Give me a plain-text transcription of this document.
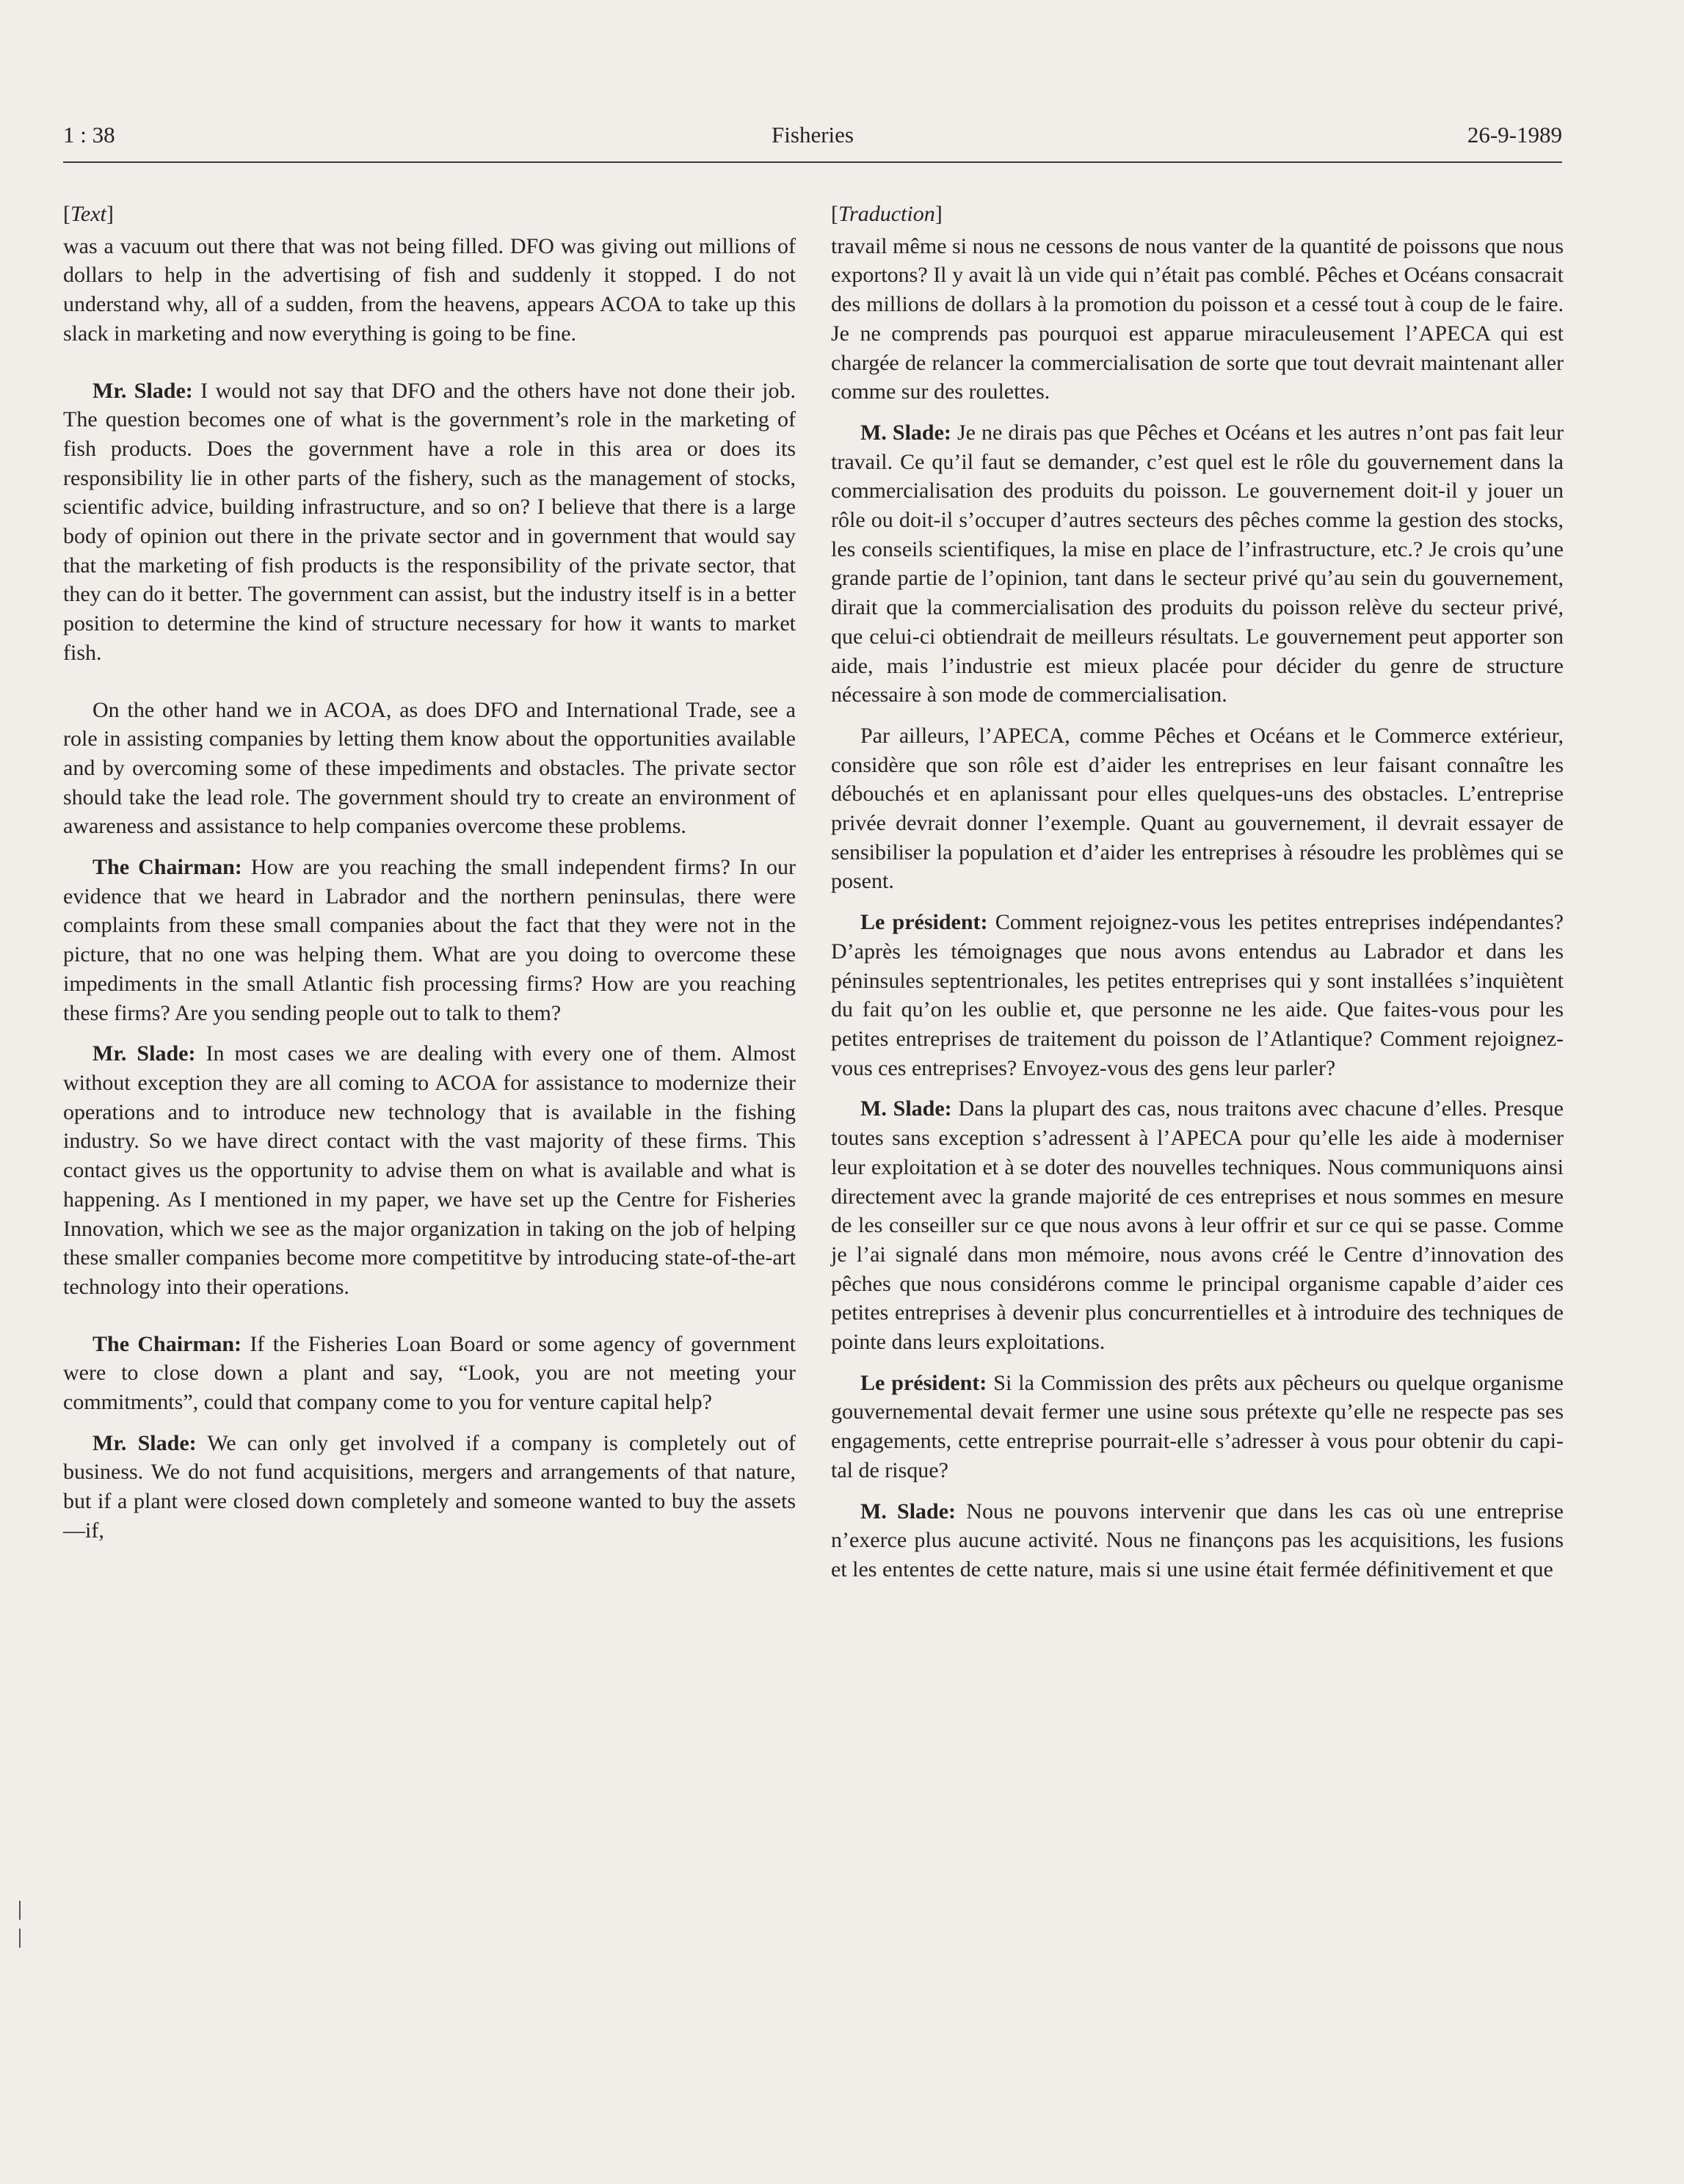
1 : 38	Fisheries	26-9-1989
[Text]

was a vacuum out there that was not being filled. DFO was giving out millions of dollars to help in the advertising of fish and suddenly it stopped. I do not understand why, all of a sudden, from the heavens, appears ACOA to take up this slack in marketing and now everything is going to be fine.

Mr. Slade: I would not say that DFO and the others have not done their job. The question becomes one of what is the government’s role in the marketing of fish products. Does the government have a role in this area or does its responsibility lie in other parts of the fishery, such as the management of stocks, scientific advice, building infrastructure, and so on? I believe that there is a large body of opinion out there in the private sector and in government that would say that the marketing of fish products is the responsibility of the private sector, that they can do it better. The government can assist, but the industry itself is in a better position to determine the kind of structure necessary for how it wants to market fish.

On the other hand we in ACOA, as does DFO and International Trade, see a role in assisting companies by letting them know about the opportunities available and by overcoming some of these impediments and obstacles. The private sector should take the lead role. The government should try to create an environment of awareness and assistance to help companies overcome these problems.

The Chairman: How are you reaching the small independent firms? In our evidence that we heard in Labrador and the northern peninsulas, there were complaints from these small companies about the fact that they were not in the picture, that no one was helping them. What are you doing to overcome these impediments in the small Atlantic fish processing firms? How are you reaching these firms? Are you sending people out to talk to them?

Mr. Slade: In most cases we are dealing with every one of them. Almost without exception they are all coming to ACOA for assistance to modernize their operations and to introduce new technology that is available in the fishing industry. So we have direct contact with the vast majority of these firms. This contact gives us the opportunity to advise them on what is available and what is happening. As I mentioned in my paper, we have set up the Centre for Fisheries Innovation, which we see as the major organization in taking on the job of helping these smaller companies become more competititve by introducing state-of-the-art technology into their operations.

The Chairman: If the Fisheries Loan Board or some agency of government were to close down a plant and say, “Look, you are not meeting your commitments”, could that company come to you for venture capital help?

Mr. Slade: We can only get involved if a company is completely out of business. We do not fund acquisitions, mergers and arrangements of that nature, but if a plant were closed down completely and someone wanted to buy the assets—if,

[Traduction]

travail même si nous ne cessons de nous vanter de la quantité de poissons que nous exportons? Il y avait là un vide qui n’était pas comblé. Pêches et Océans consacrait des millions de dollars à la promotion du poisson et a cessé tout à coup de le faire. Je ne comprends pas pourquoi est apparue miraculeusement l’APECA qui est chargée de relancer la commercialisation de sorte que tout devrait maintenant aller comme sur des roulettes.

M. Slade: Je ne dirais pas que Pêches et Océans et les autres n’ont pas fait leur travail. Ce qu’il faut se demander, c’est quel est le rôle du gouvernement dans la commercialisation des produits du poisson. Le gouvernement doit-il y jouer un rôle ou doit-il s’occuper d’autres secteurs des pêches comme la gestion des stocks, les conseils scientifiques, la mise en place de l’infrastructure, etc.? Je crois qu’une grande partie de l’opinion, tant dans le secteur privé qu’au sein du gouvernement, dirait que la commercialisation des produits du poisson relève du secteur privé, que celui-ci obtiendrait de meilleurs résultats. Le gouvernement peut apporter son aide, mais l’industrie est mieux placée pour décider du genre de structure nécessaire à son mode de commercialisation.

Par ailleurs, l’APECA, comme Pêches et Océans et le Commerce extérieur, considère que son rôle est d’aider les entreprises en leur faisant connaître les débouchés et en aplanissant pour elles quelques-uns des obstacles. L’entreprise privée devrait donner l’exemple. Quant au gouvernement, il devrait essayer de sensibiliser la population et d’aider les entreprises à résoudre les problèmes qui se posent.

Le président: Comment rejoignez-vous les petites entreprises indépendantes? D’après les témoignages que nous avons entendus au Labrador et dans les péninsules septentrionales, les petites entreprises qui y sont installées s’inquiètent du fait qu’on les oublie et, que personne ne les aide. Que faites-vous pour les petites entreprises de traitement du poisson de l’Atlantique? Comment rejoignez-vous ces entreprises? Envoyez-vous des gens leur parler?

M. Slade: Dans la plupart des cas, nous traitons avec chacune d’elles. Presque toutes sans exception s’adressent à l’APECA pour qu’elle les aide à moderniser leur exploitation et à se doter des nouvelles techniques. Nous communiquons ainsi directement avec la grande majorité de ces entreprises et nous sommes en mesure de les conseiller sur ce que nous avons à leur offrir et sur ce qui se passe. Comme je l’ai signalé dans mon mémoire, nous avons créé le Centre d’innovation des pêches que nous considérons comme le principal organisme capable d’aider ces petites entreprises à devenir plus concurrentielles et à introduire des techniques de pointe dans leurs exploitations.

Le président: Si la Commission des prêts aux pêcheurs ou quelque organisme gouvernemental devait fermer une usine sous prétexte qu’elle ne respecte pas ses engagements, cette entreprise pourrait-elle s’adresser à vous pour obtenir du capital de risque?

M. Slade: Nous ne pouvons intervenir que dans les cas où une entreprise n’exerce plus aucune activité. Nous ne finançons pas les acquisitions, les fusions et les ententes de cette nature, mais si une usine était fermée définitivement et que
